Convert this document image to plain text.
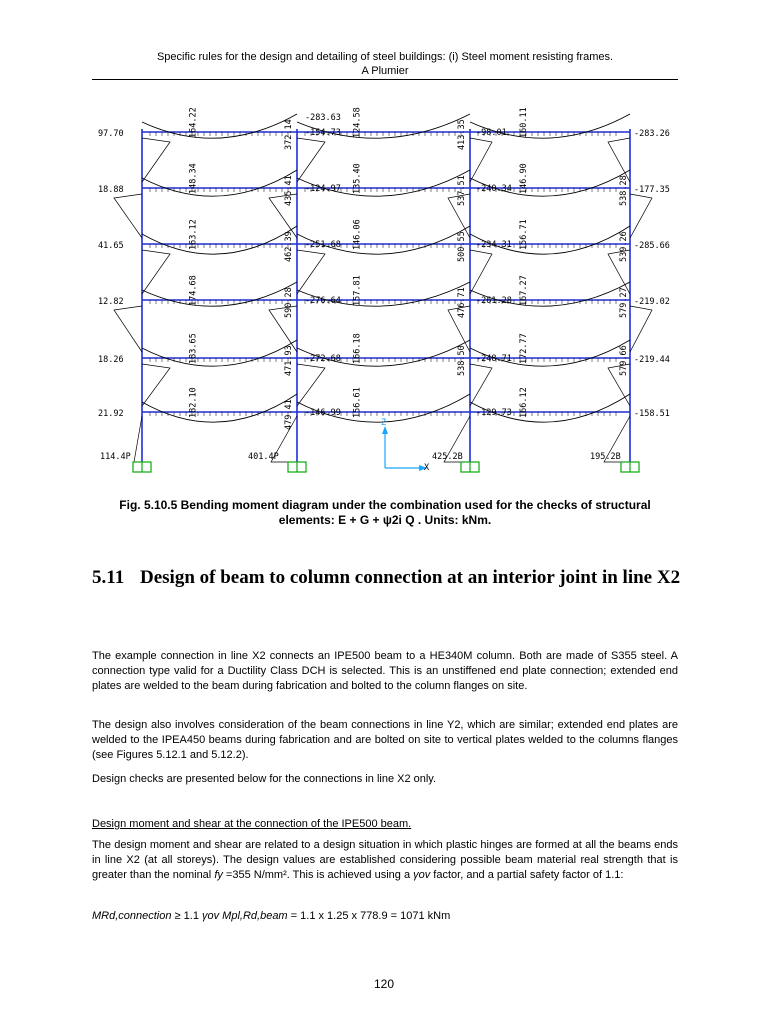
Specific rules for the design and detailing of steel buildings: (i) Steel moment resisting frames.
A Plumier
164.22
148.34
163.12
174.68
183.65
182.10
124.58
135.40
146.06
157.81
166.18
156.61
160.11
146.90
156.71
167.27
172.77
166.12
97.70	-283.26
18.88	-177.35
41.65	-285.66
12.82	-219.02
18.26	-219.44
21.92	-158.51
-98.01
-240.34
-234.31
-261.28
-248.71
-129.73
-283.63
-154.73
-124.97
-251.68
-276.64
-272.68
-146.99
372.14
435.41
462.39
590.28
471.93
479.41
413.35
537.51
500.55
476.71
538.50
538.28
539.26
579.27
579.66
114.4P	401.4P	425.2B	195.2B
Z
X
Fig. 5.10.5 Bending moment diagram under the combination used for the checks of structural
elements: E + G + ψ2i Q . Units: kNm.
5.11 Design of beam to column connection at an interior joint in line X2
The example connection in line X2 connects an IPE500 beam to a HE340M column. Both are made of S355 steel. A connection type valid for a Ductility Class DCH is selected. This is an unstiffened end plate connection; extended end plates are welded to the beam during fabrication and bolted to the column flanges on site.
The design also involves consideration of the beam connections in line Y2, which are similar; extended end plates are welded to the IPEA450 beams during fabrication and are bolted on site to vertical plates welded to the columns flanges (see Figures 5.12.1 and 5.12.2).
Design checks are presented below for the connections in line X2 only.
Design moment and shear at the connection of the IPE500 beam.
The design moment and shear are related to a design situation in which plastic hinges are formed at all the beams ends in line X2 (at all storeys). The design values are established considering possible beam material real strength that is greater than the nominal fy =355 N/mm². This is achieved using a γov factor, and a partial safety factor of 1.1:
MRd,connection ≥ 1.1 γov Mpl,Rd,beam = 1.1 x 1.25 x 778.9 = 1071 kNm
120
